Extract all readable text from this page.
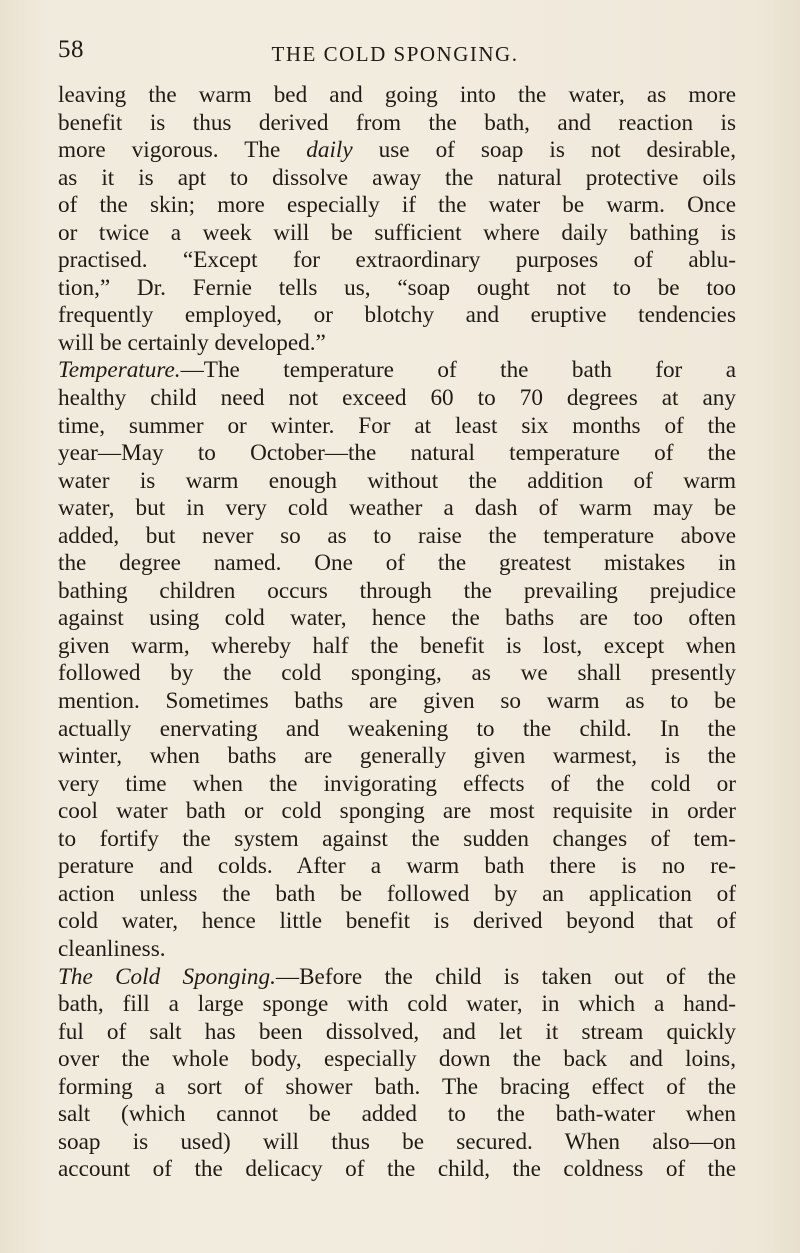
58	THE COLD SPONGING.
leaving the warm bed and going into the water, as more
benefit is thus derived from the bath, and reaction is
more vigorous. The daily use of soap is not desirable,
as it is apt to dissolve away the natural protective oils
of the skin; more especially if the water be warm. Once
or twice a week will be sufficient where daily bathing is
practised. “Except for extraordinary purposes of ablu-
tion,” Dr. Fernie tells us, “soap ought not to be too
frequently employed, or blotchy and eruptive tendencies
will be certainly developed.”
Temperature.—The temperature of the bath for a
healthy child need not exceed 60 to 70 degrees at any
time, summer or winter. For at least six months of the
year—May to October—the natural temperature of the
water is warm enough without the addition of warm
water, but in very cold weather a dash of warm may be
added, but never so as to raise the temperature above
the degree named. One of the greatest mistakes in
bathing children occurs through the prevailing prejudice
against using cold water, hence the baths are too often
given warm, whereby half the benefit is lost, except when
followed by the cold sponging, as we shall presently
mention. Sometimes baths are given so warm as to be
actually enervating and weakening to the child. In the
winter, when baths are generally given warmest, is the
very time when the invigorating effects of the cold or
cool water bath or cold sponging are most requisite in order
to fortify the system against the sudden changes of tem-
perature and colds. After a warm bath there is no re-
action unless the bath be followed by an application of
cold water, hence little benefit is derived beyond that of
cleanliness.
The Cold Sponging.—Before the child is taken out of the
bath, fill a large sponge with cold water, in which a hand-
ful of salt has been dissolved, and let it stream quickly
over the whole body, especially down the back and loins,
forming a sort of shower bath. The bracing effect of the
salt (which cannot be added to the bath-water when
soap is used) will thus be secured. When also—on
account of the delicacy of the child, the coldness of the
